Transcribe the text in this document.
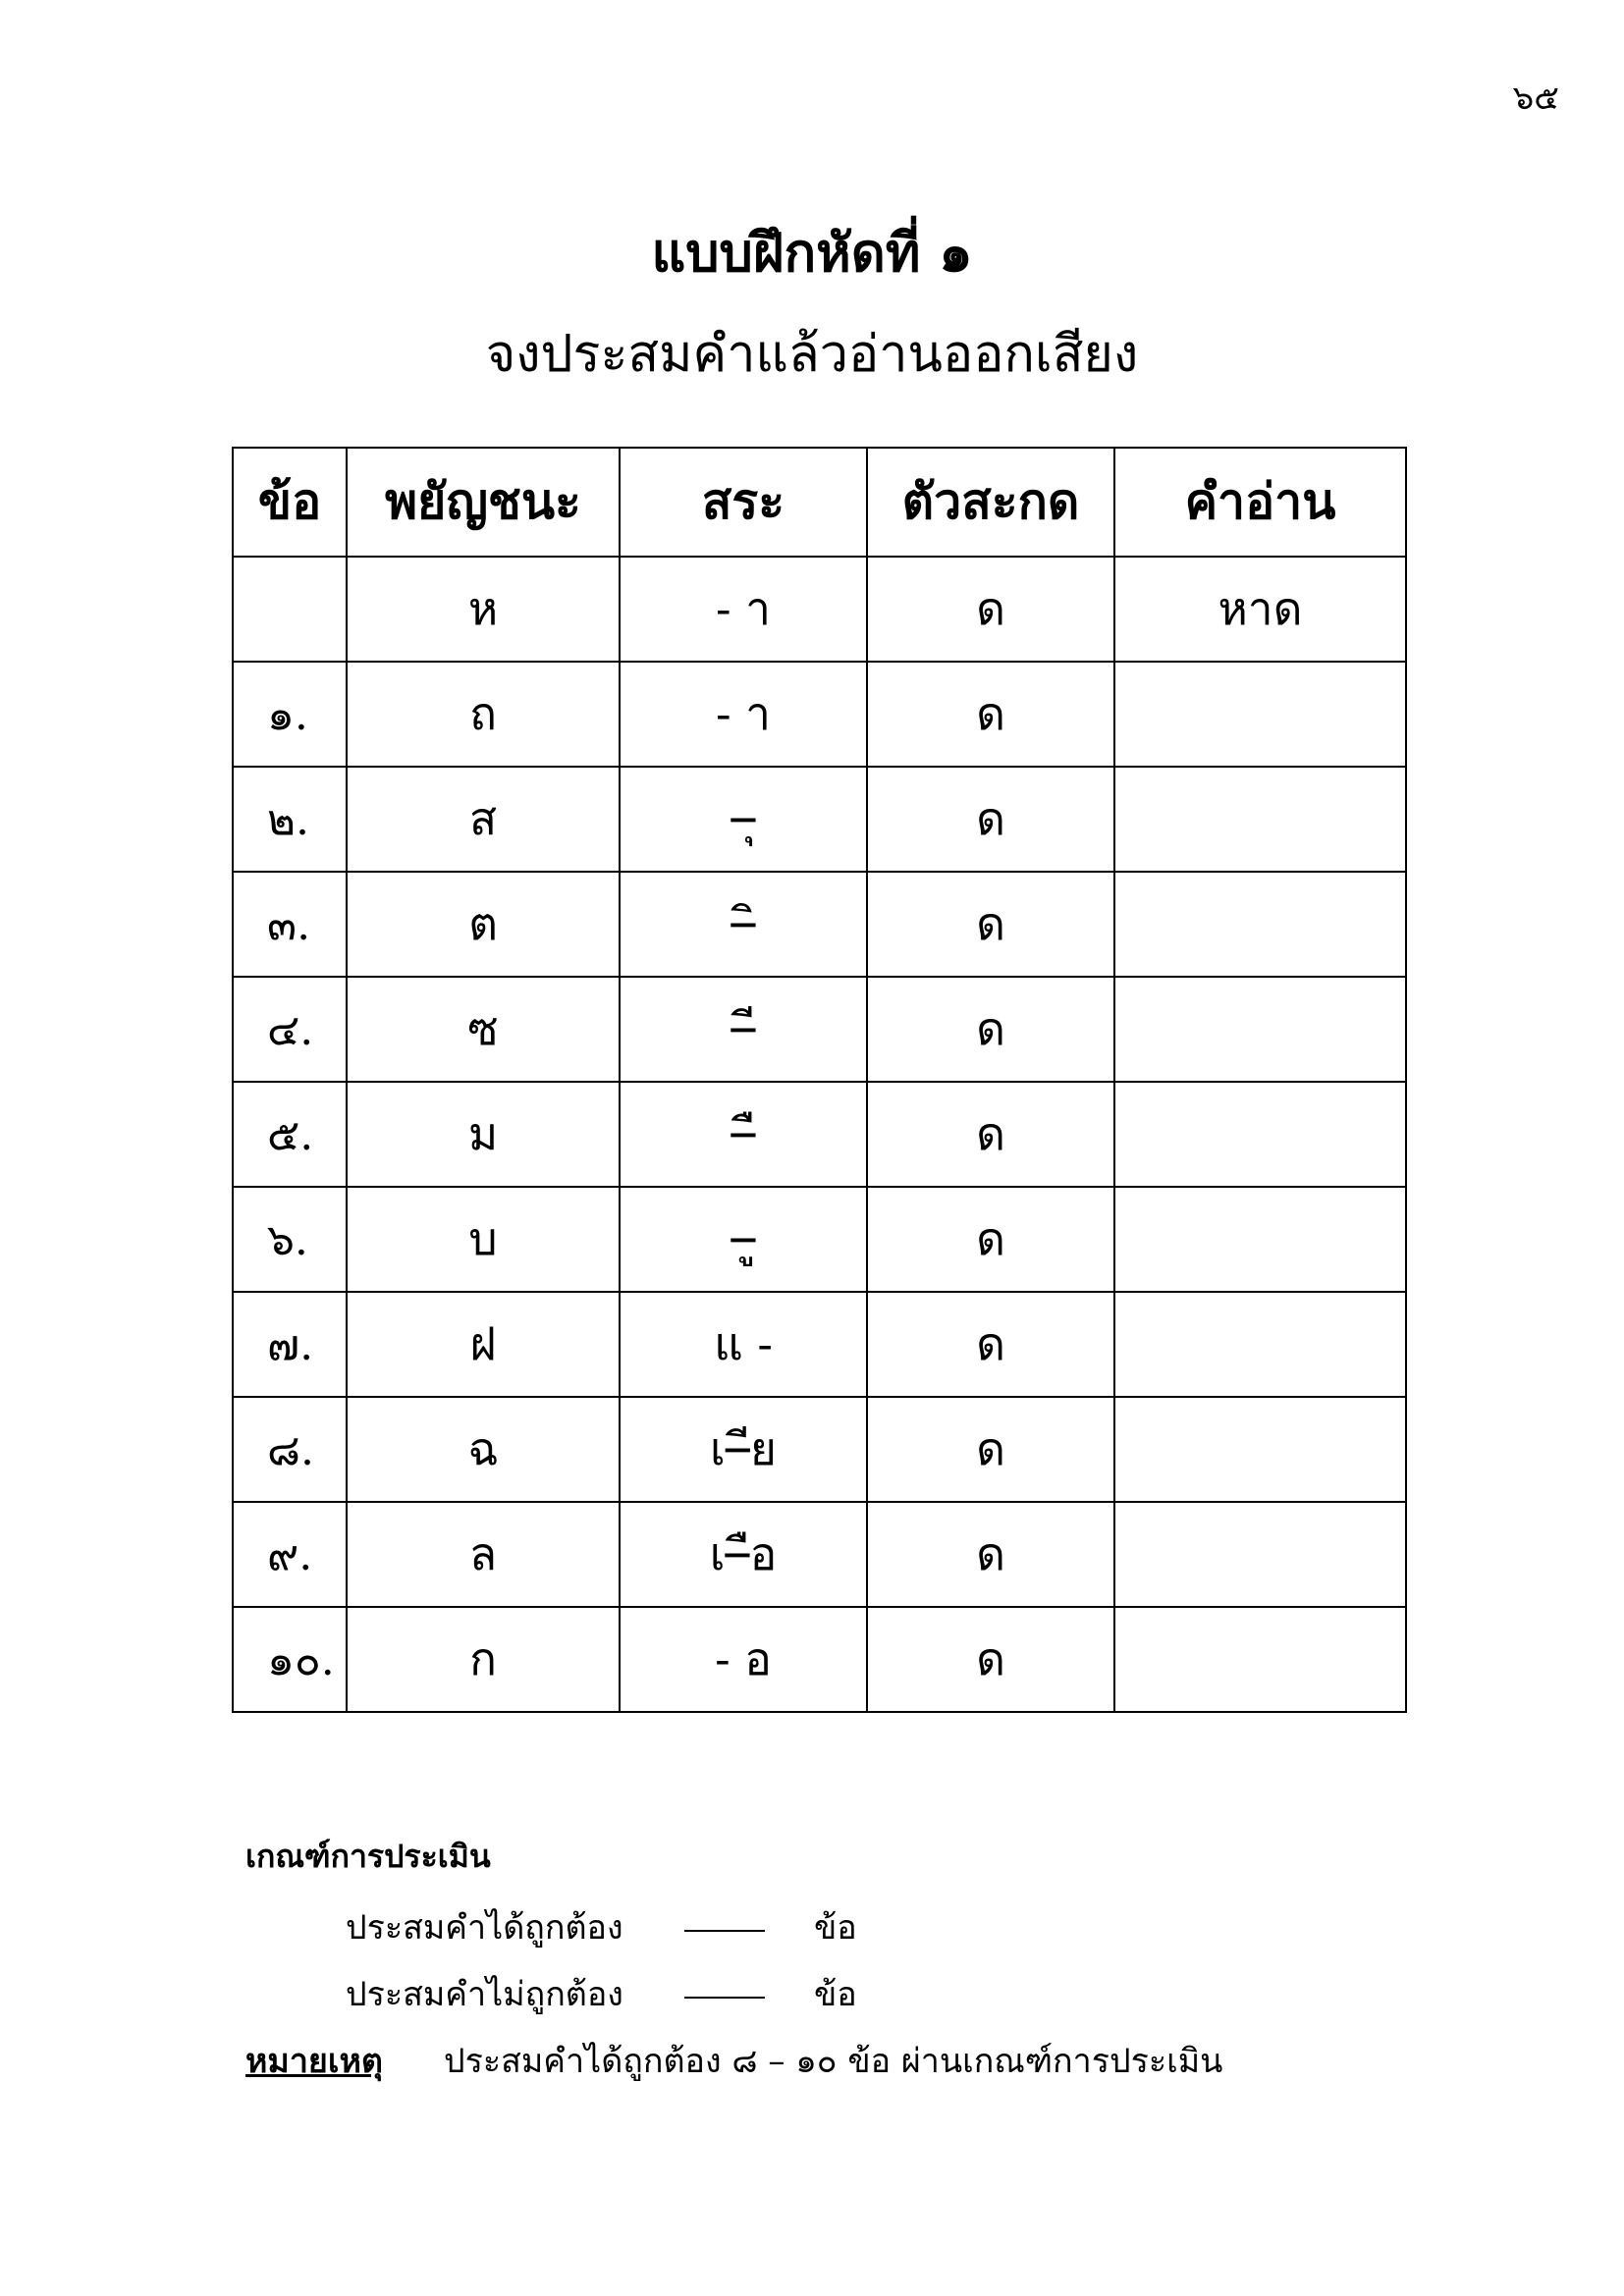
๖๕
แบบฝึกหัดที่ ๑
จงประสมคำแล้วอ่านออกเสียง
ข้อ	พยัญชนะ	สระ	ตัวสะกด	คำอ่าน
	ห	- า	ด	หาด
๑.	ถ	- า	ด	
๒.	ส	–ุ	ด	
๓.	ต	–ิ	ด	
๔.	ซ	–ี	ด	
๕.	ม	–ื	ด	
๖.	บ	–ู	ด	
๗.	ฝ	แ -	ด	
๘.	ฉ	เ–ีย	ด	
๙.	ล	เ–ือ	ด	
๑๐.	ก	- อ	ด	
เกณฑ์การประเมิน
ประสมคำได้ถูกต้อง	ข้อ
ประสมคำไม่ถูกต้อง	ข้อ
หมายเหตุ ประสมคำได้ถูกต้อง ๘ – ๑๐ ข้อ ผ่านเกณฑ์การประเมิน
